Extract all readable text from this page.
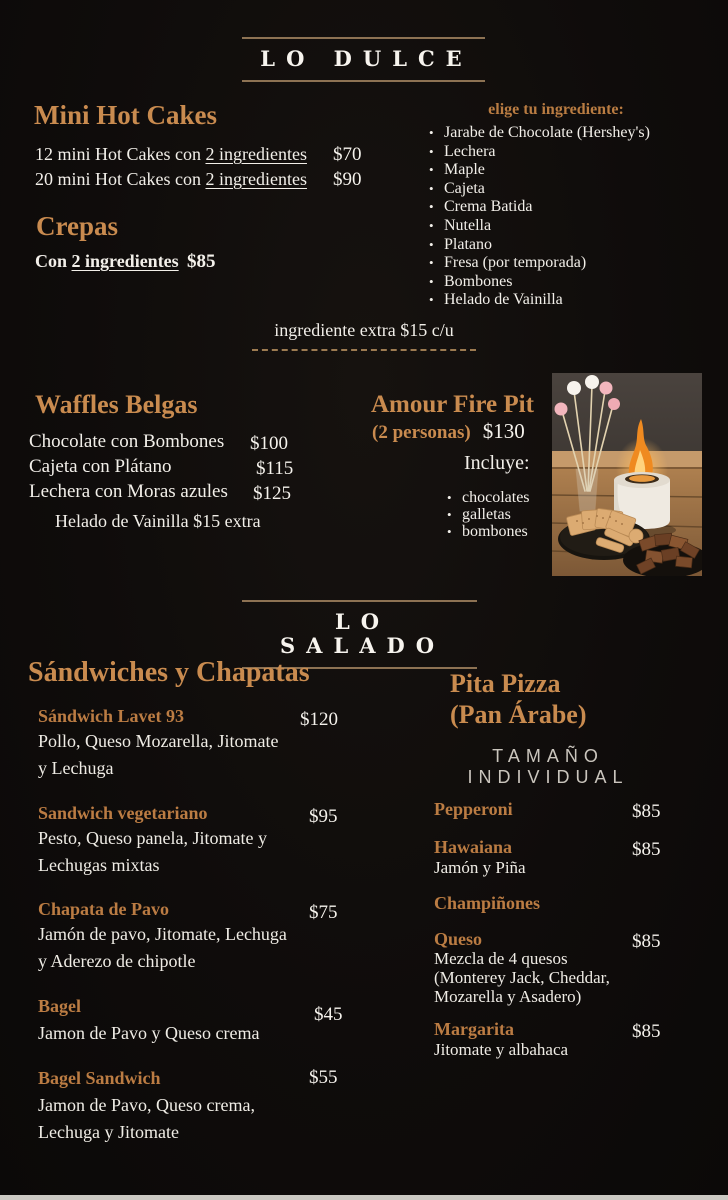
LO DULCE
Mini Hot Cakes
12 mini Hot Cakes con 2 ingredientes $70
20 mini Hot Cakes con 2 ingredientes $90
Crepas
Con 2 ingredientes $85
elige tu ingrediente:
• Jarabe de Chocolate (Hershey's)
• Lechera
• Maple
• Cajeta
• Crema Batida
• Nutella
• Platano
• Fresa (por temporada)
• Bombones
• Helado de Vainilla
ingrediente extra $15 c/u
Waffles Belgas
Chocolate con Bombones $100
Cajeta con Plátano	$115
Lechera con Moras azules $125
Helado de Vainilla $15 extra
Amour Fire Pit
(2 personas) $130
Incluye:
• chocolates
• galletas
• bombones
LO SALADO
Sándwiches y Chapatas
Sándwich Lavet 93	$120
Pollo, Queso Mozarella, Jitomate
y Lechuga
Sandwich vegetariano	$95
Pesto, Queso panela, Jitomate y
Lechugas mixtas
Chapata de Pavo	$75
Jamón de pavo, Jitomate, Lechuga
y Aderezo de chipotle
Bagel	$45
Jamon de Pavo y Queso crema
Bagel Sandwich	$55
Jamon de Pavo, Queso crema,
Lechuga y Jitomate
Pita Pizza
(Pan Árabe)
TAMAÑO INDIVIDUAL
Pepperoni	$85
Hawaiana	$85
Jamón y Piña
Champiñones
Queso	$85
Mezcla de 4 quesos
(Monterey Jack, Cheddar,
Mozarella y Asadero)
Margarita	$85
Jitomate y albahaca
